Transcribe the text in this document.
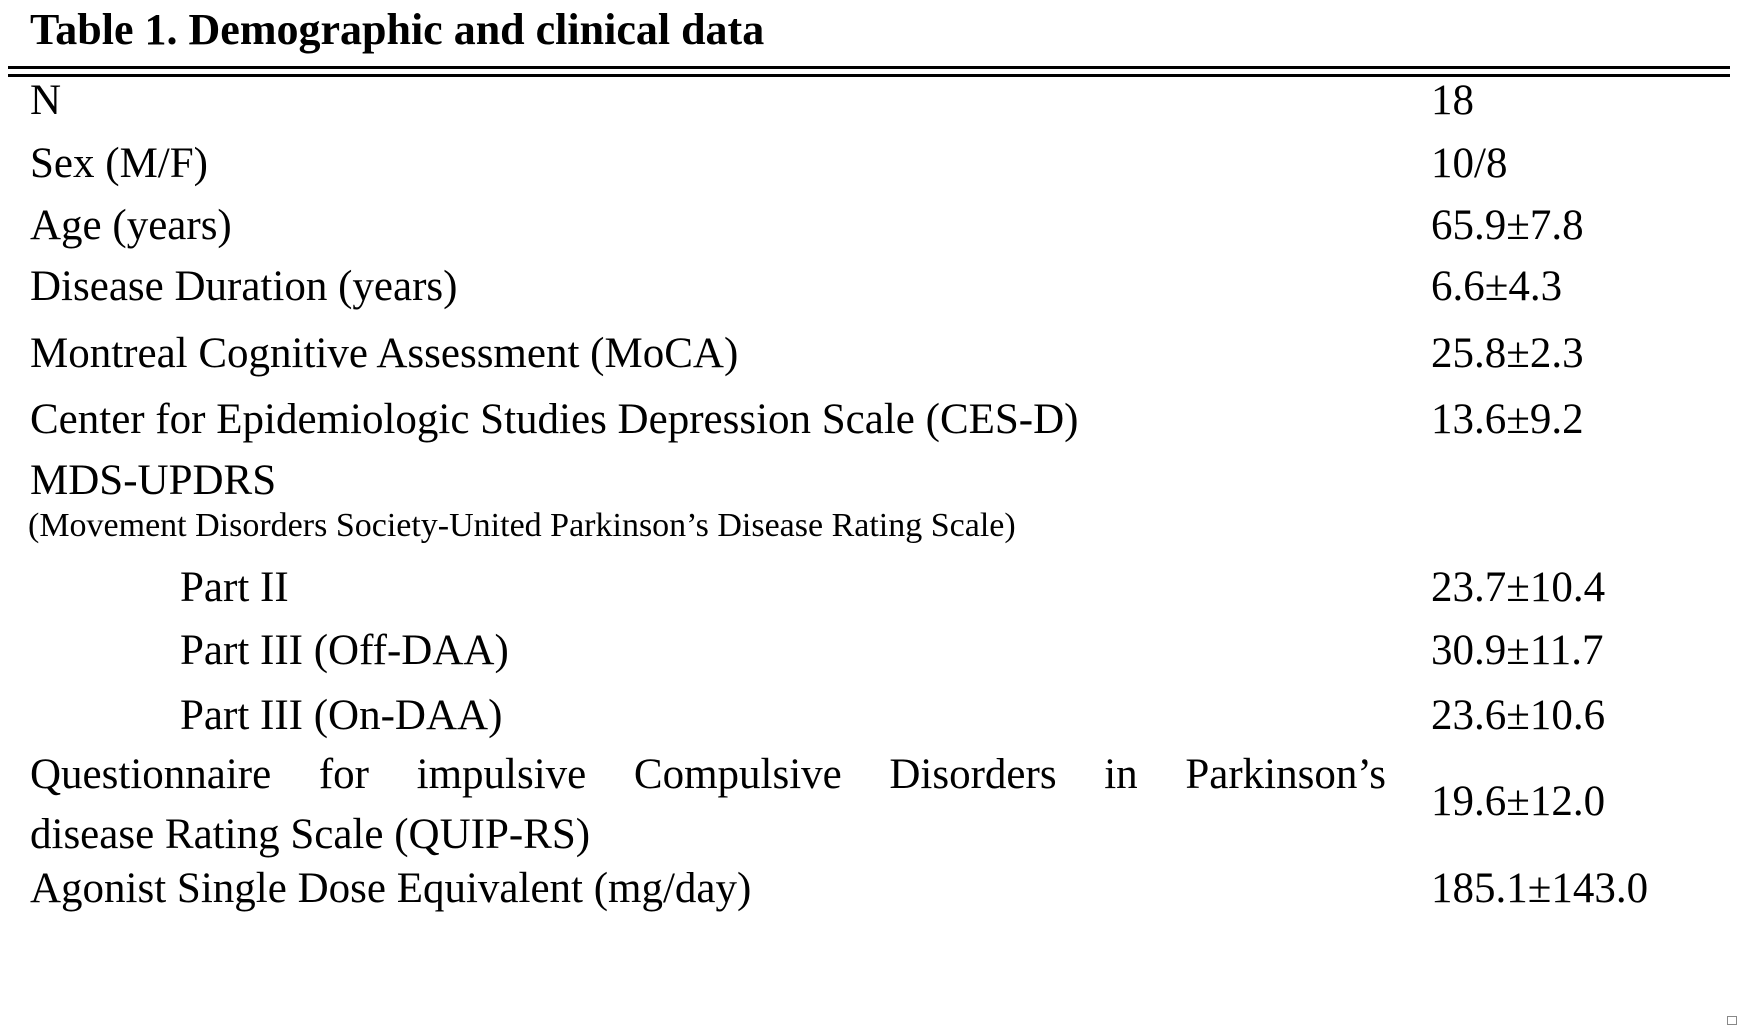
Table 1. Demographic and clinical data
N	18
Sex (M/F)	10/8
Age (years)	65.9±7.8
Disease Duration (years)	6.6±4.3
Montreal Cognitive Assessment (MoCA)	25.8±2.3
Center for Epidemiologic Studies Depression Scale (CES-D)	13.6±9.2
MDS-UPDRS
(Movement Disorders Society-United Parkinson’s Disease Rating Scale)
Part II	23.7±10.4
Part III (Off-DAA)	30.9±11.7
Part III (On-DAA)	23.6±10.6
Questionnaire for impulsive Compulsive Disorders in Parkinson’s
disease Rating Scale (QUIP-RS)
19.6±12.0
Agonist Single Dose Equivalent (mg/day)	185.1±143.0
